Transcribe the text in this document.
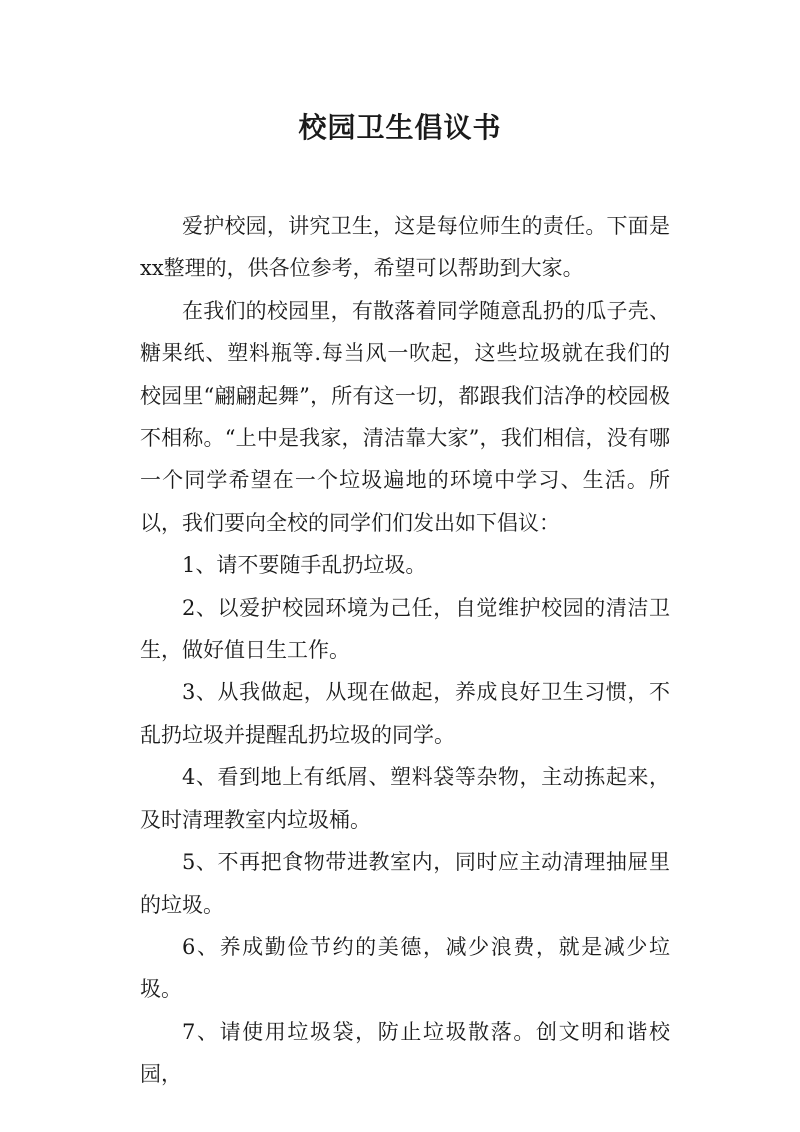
校园卫生倡议书

爱护校园，讲究卫生，这是每位师生的责任。下面是xx整理的，供各位参考，希望可以帮助到大家。

在我们的校园里，有散落着同学随意乱扔的瓜子壳、糖果纸、塑料瓶等.每当风一吹起，这些垃圾就在我们的校园里“翩翩起舞”，所有这一切，都跟我们洁净的校园极不相称。“上中是我家，清洁靠大家”，我们相信，没有哪一个同学希望在一个垃圾遍地的环境中学习、生活。所以，我们要向全校的同学们们发出如下倡议：

1、请不要随手乱扔垃圾。

2、以爱护校园环境为己任，自觉维护校园的清洁卫生，做好值日生工作。

3、从我做起，从现在做起，养成良好卫生习惯，不乱扔垃圾并提醒乱扔垃圾的同学。

4、看到地上有纸屑、塑料袋等杂物，主动拣起来，及时清理教室内垃圾桶。

5、不再把食物带进教室内，同时应主动清理抽屉里的垃圾。

6、养成勤俭节约的美德，减少浪费，就是减少垃圾。

7、请使用垃圾袋，防止垃圾散落。创文明和谐校园，
